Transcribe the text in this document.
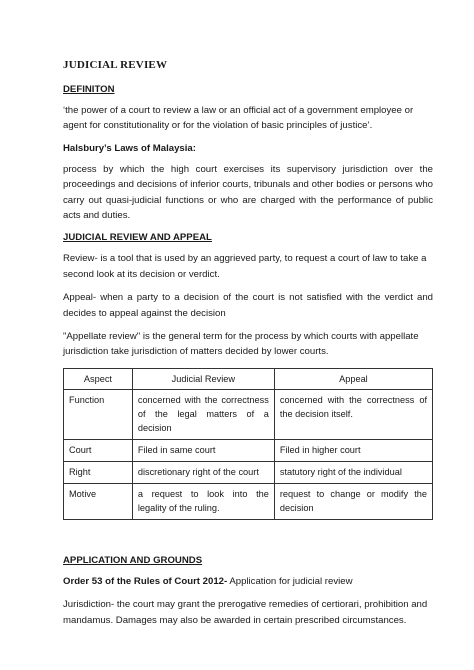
JUDICIAL REVIEW
DEFINITON

‘the power of a court to review a law or an official act of a government employee or agent for constitutionality or for the violation of basic principles of justice’.

Halsbury’s Laws of Malaysia:

process by which the high court exercises its supervisory jurisdiction over the proceedings and decisions of inferior courts, tribunals and other bodies or persons who carry out quasi-judicial functions or who are charged with the performance of public acts and duties.

JUDICIAL REVIEW AND APPEAL

Review- is a tool that is used by an aggrieved party, to request a court of law to take a second look at its decision or verdict.

Appeal- when a party to a decision of the court is not satisfied with the verdict and decides to appeal against the decision

"Appellate review" is the general term for the process by which courts with appellate jurisdiction take jurisdiction of matters decided by lower courts.

Aspect	Judicial Review	Appeal
Function	concerned with the correctness of the legal matters of a decision	concerned with the correctness of the decision itself.
Court	Filed in same court	Filed in higher court
Right	discretionary right of the court	statutory right of the individual
Motive	a request to look into the legality of the ruling.	request to change or modify the decision
APPLICATION AND GROUNDS

Order 53 of the Rules of Court 2012- Application for judicial review

Jurisdiction- the court may grant the prerogative remedies of certiorari, prohibition and mandamus. Damages may also be awarded in certain prescribed circumstances.
